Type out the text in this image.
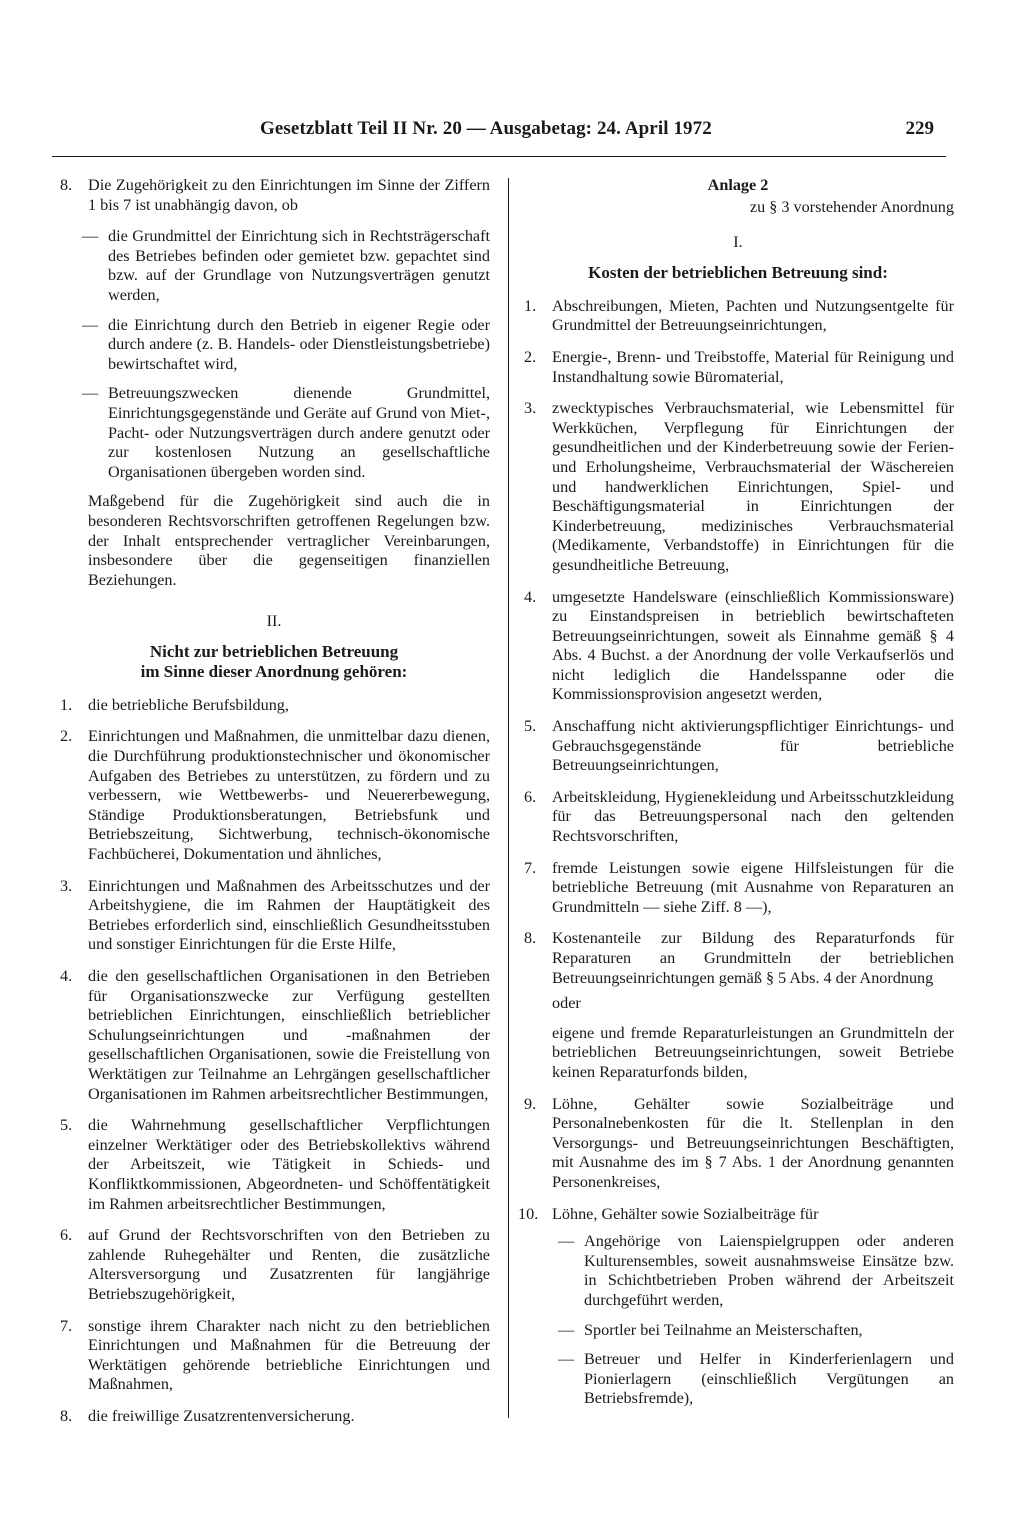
Gesetzblatt Teil II Nr. 20 — Ausgabetag: 24. April 1972	229
8. Die Zugehörigkeit zu den Einrichtungen im Sinne der Ziffern 1 bis 7 ist unabhängig davon, ob
— die Grundmittel der Einrichtung sich in Rechtsträgerschaft des Betriebes befinden oder gemietet bzw. gepachtet sind bzw. auf der Grundlage von Nutzungsverträgen genutzt werden,
— die Einrichtung durch den Betrieb in eigener Regie oder durch andere (z. B. Handels- oder Dienstleistungsbetriebe) bewirtschaftet wird,
— Betreuungszwecken dienende Grundmittel, Einrichtungsgegenstände und Geräte auf Grund von Miet-, Pacht- oder Nutzungsverträgen durch andere genutzt oder zur kostenlosen Nutzung an gesellschaftliche Organisationen übergeben worden sind.

Maßgebend für die Zugehörigkeit sind auch die in besonderen Rechtsvorschriften getroffenen Regelungen bzw. der Inhalt entsprechender vertraglicher Vereinbarungen, insbesondere über die gegenseitigen finanziellen Beziehungen.

II.
Nicht zur betrieblichen Betreuung
im Sinne dieser Anordnung gehören:
1. die betriebliche Berufsbildung,
2. Einrichtungen und Maßnahmen, die unmittelbar dazu dienen, die Durchführung produktionstechnischer und ökonomischer Aufgaben des Betriebes zu unterstützen, zu fördern und zu verbessern, wie Wettbewerbs- und Neuererbewegung, Ständige Produktionsberatungen, Betriebsfunk und Betriebszeitung, Sichtwerbung, technisch-ökonomische Fachbücherei, Dokumentation und ähnliches,
3. Einrichtungen und Maßnahmen des Arbeitsschutzes und der Arbeitshygiene, die im Rahmen der Hauptätigkeit des Betriebes erforderlich sind, einschließlich Gesundheitsstuben und sonstiger Einrichtungen für die Erste Hilfe,
4. die den gesellschaftlichen Organisationen in den Betrieben für Organisationszwecke zur Verfügung gestellten betrieblichen Einrichtungen, einschließlich betrieblicher Schulungseinrichtungen und -maßnahmen der gesellschaftlichen Organisationen, sowie die Freistellung von Werktätigen zur Teilnahme an Lehrgängen gesellschaftlicher Organisationen im Rahmen arbeitsrechtlicher Bestimmungen,
5. die Wahrnehmung gesellschaftlicher Verpflichtungen einzelner Werktätiger oder des Betriebskollektivs während der Arbeitszeit, wie Tätigkeit in Schieds- und Konfliktkommissionen, Abgeordneten- und Schöffentätigkeit im Rahmen arbeitsrechtlicher Bestimmungen,
6. auf Grund der Rechtsvorschriften von den Betrieben zu zahlende Ruhegehälter und Renten, die zusätzliche Altersversorgung und Zusatzrenten für langjährige Betriebszugehörigkeit,
7. sonstige ihrem Charakter nach nicht zu den betrieblichen Einrichtungen und Maßnahmen für die Betreuung der Werktätigen gehörende betriebliche Einrichtungen und Maßnahmen,
8. die freiwillige Zusatzrentenversicherung.
Anlage 2
zu § 3 vorstehender Anordnung
I.
Kosten der betrieblichen Betreuung sind:
1. Abschreibungen, Mieten, Pachten und Nutzungsentgelte für Grundmittel der Betreuungseinrichtungen,
2. Energie-, Brenn- und Treibstoffe, Material für Reinigung und Instandhaltung sowie Büromaterial,
3. zwecktypisches Verbrauchsmaterial, wie Lebensmittel für Werkküchen, Verpflegung für Einrichtungen der gesundheitlichen und der Kinderbetreuung sowie der Ferien- und Erholungsheime, Verbrauchsmaterial der Wäschereien und handwerklichen Einrichtungen, Spiel- und Beschäftigungsmaterial in Einrichtungen der Kinderbetreuung, medizinisches Verbrauchsmaterial (Medikamente, Verbandstoffe) in Einrichtungen für die gesundheitliche Betreuung,
4. umgesetzte Handelsware (einschließlich Kommissionsware) zu Einstandspreisen in betrieblich bewirtschafteten Betreuungseinrichtungen, soweit als Einnahme gemäß § 4 Abs. 4 Buchst. a der Anordnung der volle Verkaufserlös und nicht lediglich die Handelsspanne oder die Kommissionsprovision angesetzt werden,
5. Anschaffung nicht aktivierungspflichtiger Einrichtungs- und Gebrauchsgegenstände für betriebliche Betreuungseinrichtungen,
6. Arbeitskleidung, Hygienekleidung und Arbeitsschutzkleidung für das Betreuungspersonal nach den geltenden Rechtsvorschriften,
7. fremde Leistungen sowie eigene Hilfsleistungen für die betriebliche Betreuung (mit Ausnahme von Reparaturen an Grundmitteln — siehe Ziff. 8 —),
8. Kostenanteile zur Bildung des Reparaturfonds für Reparaturen an Grundmitteln der betrieblichen Betreuungseinrichtungen gemäß § 5 Abs. 4 der Anordnung
oder
eigene und fremde Reparaturleistungen an Grundmitteln der betrieblichen Betreuungseinrichtungen, soweit Betriebe keinen Reparaturfonds bilden,
9. Löhne, Gehälter sowie Sozialbeiträge und Personalnebenkosten für die lt. Stellenplan in den Versorgungs- und Betreuungseinrichtungen Beschäftigten, mit Ausnahme des im § 7 Abs. 1 der Anordnung genannten Personenkreises,
10. Löhne, Gehälter sowie Sozialbeiträge für
— Angehörige von Laienspielgruppen oder anderen Kulturensembles, soweit ausnahmsweise Einsätze bzw. in Schichtbetrieben Proben während der Arbeitszeit durchgeführt werden,
— Sportler bei Teilnahme an Meisterschaften,
— Betreuer und Helfer in Kinderferienlagern und Pionierlagern (einschließlich Vergütungen an Betriebsfremde),
